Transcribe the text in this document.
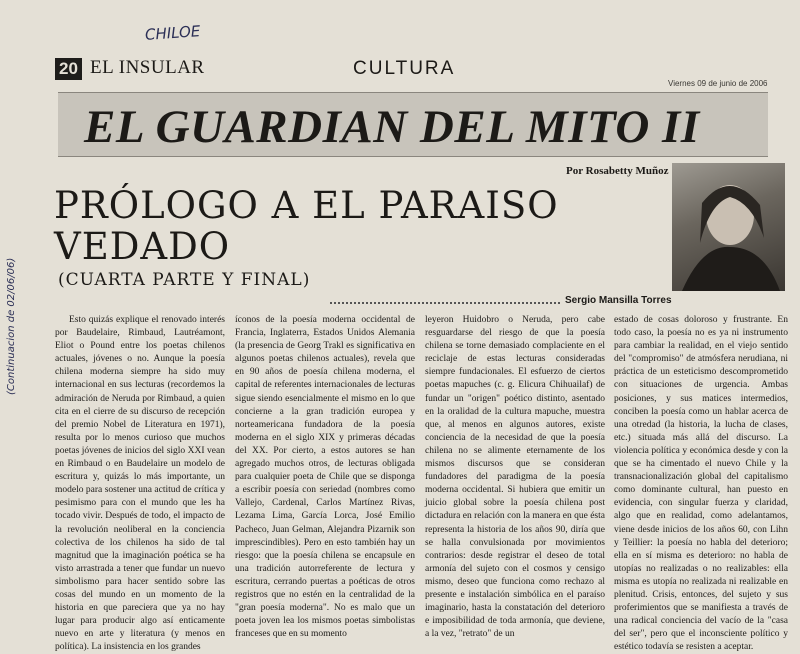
CHILOE
(Continuacion de 02/06/06)
20 EL INSULAR	CULTURA
Viernes 09 de junio de 2006
EL GUARDIAN DEL MITO II
Por Rosabetty Muñoz
PRÓLOGO A EL PARAISO VEDADO
(CUARTA PARTE Y FINAL)
Sergio Mansilla Torres

Esto quizás explique el renovado interés por Baudelaire, Rimbaud, Lautréamont, Eliot o Pound entre los poetas chilenos actuales, jóvenes o no. Aunque la poesía chilena moderna siempre ha sido muy internacional en sus lecturas (recordemos la admiración de Neruda por Rimbaud, a quien cita en el cierre de su discurso de recepción del premio Nobel de Literatura en 1971), resulta por lo menos curioso que muchos poetas jóvenes de inicios del siglo XXI vean en Rimbaud o en Baudelaire un modelo de escritura y, quizás lo más importante, un modelo para sostener una actitud de crítica y pesimismo para con el mundo que les ha tocado vivir. Después de todo, el impacto de la revolución neoliberal en la conciencia colectiva de los chilenos ha sido de tal magnitud que la imaginación poética se ha visto arrastrada a tener que fundar un nuevo simbolismo para hacer sentido sobre las cosas del mundo en un momento de la historia en que pareciera que ya no hay lugar para producir algo así enticamente nuevo en arte y literatura (y menos en política). La insistencia en los grandes

íconos de la poesía moderna occidental de Francia, Inglaterra, Estados Unidos Alemania (la presencia de Georg Trakl es significativa en algunos poetas chilenos actuales), revela que en 90 años de poesía chilena moderna, el capital de referentes internacionales de lecturas sigue siendo esencialmente el mismo en lo que concierne a la gran tradición europea y norteamericana fundadora de la poesía moderna en el siglo XIX y primeras décadas del XX. Por cierto, a estos autores se han agregado muchos otros, de lecturas obligada para cualquier poeta de Chile que se disponga a escribir poesía con seriedad (nombres como Vallejo, Cardenal, Carlos Martínez Rivas, Lezama Lima, García Lorca, José Emilio Pacheco, Juan Gelman, Alejandra Pizarnik son imprescindibles). Pero en esto también hay un riesgo: que la poesía chilena se encapsule en una tradición autorreferente de lectura y escritura, cerrando puertas a poéticas de otros registros que no estén en la centralidad de la "gran poesía moderna". No es malo que un poeta joven lea los mismos poetas simbolistas franceses que en su momento

leyeron Huidobro o Neruda, pero cabe resguardarse del riesgo de que la poesía chilena se torne demasiado complaciente en el reciclaje de estas lecturas consideradas siempre fundacionales. El esfuerzo de ciertos poetas mapuches (c. g. Elicura Chihuailaf) de fundar un "origen" poético distinto, asentado en la oralidad de la cultura mapuche, muestra que, al menos en algunos autores, existe conciencia de la necesidad de que la poesía chilena no se alimente eternamente de los mismos discursos que se consideran fundadores del paradigma de la poesía moderna occidental. Si hubiera que emitir un juicio global sobre la poesía chilena post dictadura en relación con la manera en que ésta representa la historia de los años 90, diría que se halla convulsionada por movimientos contrarios: desde registrar el deseo de total armonía del sujeto con el cosmos y censigo mismo, deseo que funciona como rechazo al presente e instalación simbólica en el paraíso imaginario, hasta la constatación del deterioro e imposibilidad de toda armonía, que deviene, a la vez, "retrato" de un

estado de cosas doloroso y frustrante. En todo caso, la poesía no es ya ni instrumento para cambiar la realidad, en el viejo sentido del "compromiso" de atmósfera nerudiana, ni práctica de un esteticismo descomprometido con situaciones de urgencia. Ambas posiciones, y sus matices intermedios, conciben la poesía como un hablar acerca de una otredad (la historia, la lucha de clases, etc.) situada más allá del discurso. La violencia política y económica desde y con la que se ha cimentado el nuevo Chile y la transnacionalización global del capitalismo como dominante cultural, han puesto en evidencia, con singular fuerza y claridad, algo que en realidad, como adelantamos, viene desde inicios de los años 60, con Lihn y Teillier: la poesía no habla del deterioro; ella en sí misma es deterioro: no habla de utopías no realizadas o no realizables: ella misma es utopía no realizada ni realizable en plenitud. Crisis, entonces, del sujeto y sus proferimientos que se manifiesta a través de una radical conciencia del vacío de la "casa del ser", pero que el inconsciente político y estético todavía se resisten a aceptar.
